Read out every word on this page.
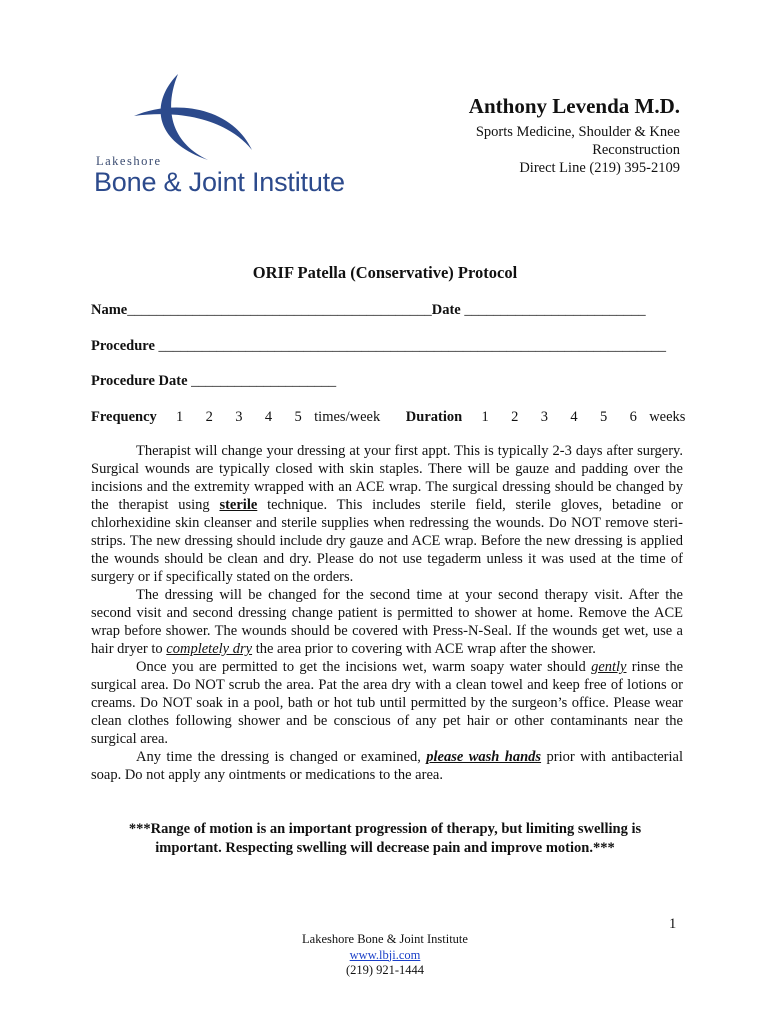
Lakeshore
Bone & Joint Institute
Anthony Levenda M.D.
Sports Medicine, Shoulder & Knee
Reconstruction
Direct Line (219) 395-2109
ORIF Patella (Conservative) Protocol
Name__________________________________________Date _________________________
Procedure ______________________________________________________________________
Procedure Date ____________________
Frequency 1 2 3 4 5 times/week Duration 1 2 3 4 5 6 weeks

Therapist will change your dressing at your first appt. This is typically 2-3 days after surgery. Surgical wounds are typically closed with skin staples. There will be gauze and padding over the incisions and the extremity wrapped with an ACE wrap. The surgical dressing should be changed by the therapist using sterile technique. This includes sterile field, sterile gloves, betadine or chlorhexidine skin cleanser and sterile supplies when redressing the wounds. Do NOT remove steri-strips. The new dressing should include dry gauze and ACE wrap. Before the new dressing is applied the wounds should be clean and dry. Please do not use tegaderm unless it was used at the time of surgery or if specifically stated on the orders.

The dressing will be changed for the second time at your second therapy visit. After the second visit and second dressing change patient is permitted to shower at home. Remove the ACE wrap before shower. The wounds should be covered with Press-N-Seal. If the wounds get wet, use a hair dryer to completely dry the area prior to covering with ACE wrap after the shower.

Once you are permitted to get the incisions wet, warm soapy water should gently rinse the surgical area. Do NOT scrub the area. Pat the area dry with a clean towel and keep free of lotions or creams. Do NOT soak in a pool, bath or hot tub until permitted by the surgeon’s office. Please wear clean clothes following shower and be conscious of any pet hair or other contaminants near the surgical area.

Any time the dressing is changed or examined, please wash hands prior with antibacterial soap. Do not apply any ointments or medications to the area.

***Range of motion is an important progression of therapy, but limiting swelling is important. Respecting swelling will decrease pain and improve motion.***
1
Lakeshore Bone & Joint Institute
www.lbji.com
(219) 921-1444
